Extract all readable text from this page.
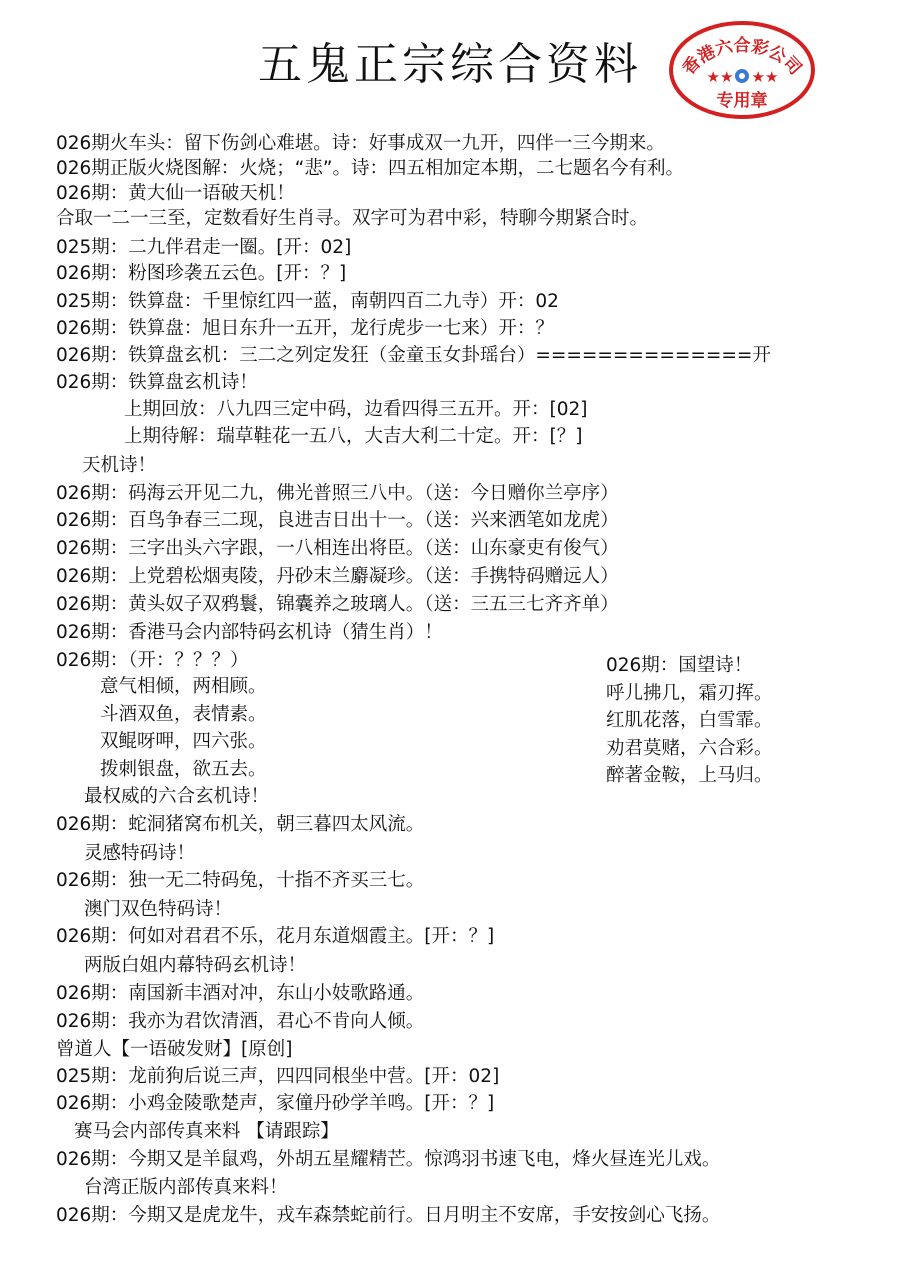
五鬼正宗综合资料	香港六合彩公司
★★ ★★
专用章
026期火车头：留下伤剑心难堪。诗：好事成双一九开，四伴一三今期来。
026期正版火烧图解：火烧；“悲”。诗：四五相加定本期，二七题名今有利。
026期：黄大仙一语破天机！
合取一二一三至，定数看好生肖寻。双字可为君中彩，特聊今期紧合时。
025期：二九伴君走一圈。[开：02]
026期：粉图珍袭五云色。[开：？]
025期：铁算盘：千里惊红四一蓝，南朝四百二九寺）开：02
026期：铁算盘：旭日东升一五开，龙行虎步一七来）开：？
026期：铁算盘玄机：三二之列定发狂（金童玉女卦瑶台）==============开
026期：铁算盘玄机诗！
上期回放：八九四三定中码，边看四得三五开。开：[02]
上期待解：瑞草鞋花一五八，大吉大利二十定。开：[？]
天机诗！
026期：码海云开见二九，佛光普照三八中。（送：今日赠你兰亭序）
026期：百鸟争春三二现，良进吉日出十一。（送：兴来洒笔如龙虎）
026期：三字出头六字跟，一八相连出将臣。（送：山东豪吏有俊气）
026期：上党碧松烟夷陵，丹砂末兰麝凝珍。（送：手携特码赠远人）
026期：黄头奴子双鸦鬟，锦囊养之玻璃人。（送：三五三七齐齐单）
026期：香港马会内部特码玄机诗（猜生肖）！
026期：（开：？？？）
意气相倾，两相顾。
斗酒双鱼，表情素。
双鲲呀呷，四六张。
拨刺银盘，欲五去。
最权威的六合玄机诗！
026期：蛇洞猪窝布机关，朝三暮四太风流。
灵感特码诗！
026期：独一无二特码兔，十指不齐买三七。
澳门双色特码诗！
026期：何如对君君不乐，花月东道烟霞主。[开：？]
两版白姐内幕特码玄机诗！
026期：南国新丰酒对冲，东山小妓歌路通。
026期：我亦为君饮清酒，君心不肯向人倾。
曾道人【一语破发财】[原创]
025期：龙前狗后说三声，四四同根坐中营。[开：02]
026期：小鸡金陵歌楚声，家僮丹砂学羊鸣。[开：？]
赛马会内部传真来料 【请跟踪】
026期：今期又是羊鼠鸡，外胡五星耀精芒。惊鸿羽书速飞电，烽火昼连光儿戏。
台湾正版内部传真来料！
026期：今期又是虎龙牛，戎车森禁蛇前行。日月明主不安席，手安按剑心飞扬。
026期：国望诗！
呼儿拂几，霜刃挥。
红肌花落，白雪霏。
劝君莫赌，六合彩。
醉著金鞍，上马归。
